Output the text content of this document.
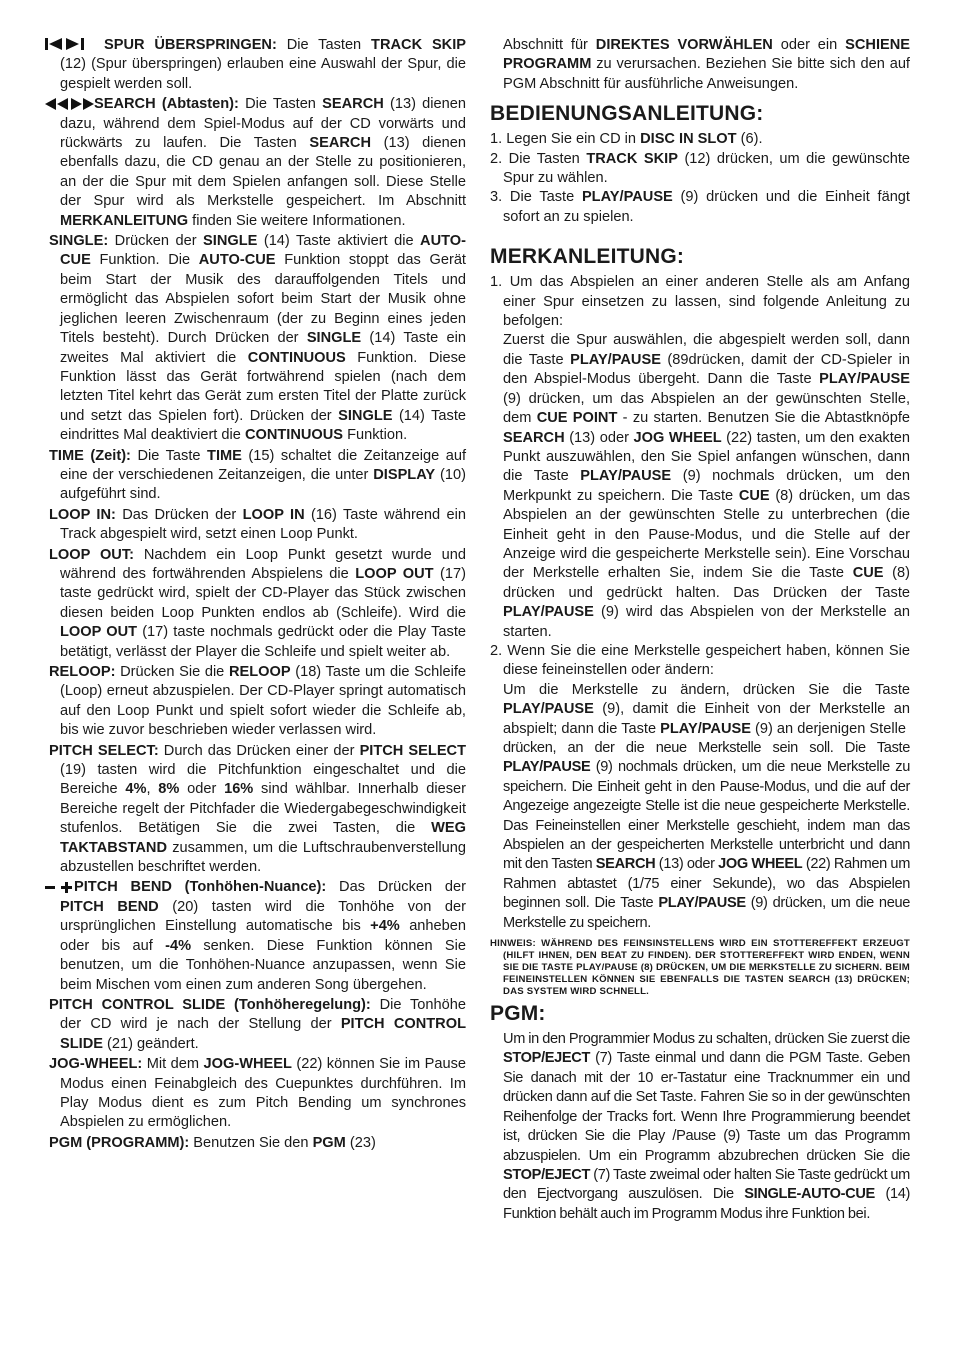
SPUR ÜBERSPRINGEN: Die Tasten TRACK SKIP (12) (Spur überspringen) erlauben eine Auswahl der Spur, die gespielt werden soll.

SEARCH (Abtasten): Die Tasten SEARCH (13) dienen dazu, während dem Spiel-Modus auf der CD vorwärts und rückwärts zu laufen. Die Tasten SEARCH (13) dienen ebenfalls dazu, die CD genau an der Stelle zu positionieren, an der die Spur mit dem Spielen anfangen soll. Diese Stelle der Spur wird als Merkstelle gespeichert. Im Abschnitt MERKANLEITUNG finden Sie weitere Informationen.

SINGLE: Drücken der SINGLE (14) Taste aktiviert die AUTO-CUE Funktion. Die AUTO-CUE Funktion stoppt das Gerät beim Start der Musik des darauffolgenden Titels und ermöglicht das Abspielen sofort beim Start der Musik ohne jeglichen leeren Zwischenraum (der zu Beginn eines jeden Titels besteht). Durch Drücken der SINGLE (14) Taste ein zweites Mal aktiviert die CONTINUOUS Funktion. Diese Funktion lässt das Gerät fortwährend spielen (nach dem letzten Titel kehrt das Gerät zum ersten Titel der Platte zurück und setzt das Spielen fort). Drücken der SINGLE (14) Taste eindrittes Mal deaktiviert die CONTINUOUS Funktion.

TIME (Zeit): Die Taste TIME (15) schaltet die Zeitanzeige auf eine der verschiedenen Zeitanzeigen, die unter DISPLAY (10) aufgeführt sind.

LOOP IN: Das Drücken der LOOP IN (16) Taste während ein Track abgespielt wird, setzt einen Loop Punkt.

LOOP OUT: Nachdem ein Loop Punkt gesetzt wurde und während des fortwährenden Abspielens die LOOP OUT (17) taste gedrückt wird, spielt der CD-Player das Stück zwischen diesen beiden Loop Punkten endlos ab (Schleife). Wird die LOOP OUT (17) taste nochmals gedrückt oder die Play Taste betätigt, verlässt der Player die Schleife und spielt weiter ab.

RELOOP: Drücken Sie die RELOOP (18) Taste um die Schleife (Loop) erneut abzuspielen. Der CD-Player springt automatisch auf den Loop Punkt und spielt sofort wieder die Schleife ab, bis wie zuvor beschrieben wieder verlassen wird.

PITCH SELECT: Durch das Drücken einer der PITCH SELECT (19) tasten wird die Pitchfunktion eingeschaltet und die Bereiche 4%, 8% oder 16% sind wählbar. Innerhalb dieser Bereiche regelt der Pitchfader die Wiedergabegeschwindigkeit stufenlos. Betätigen Sie die zwei Tasten, die WEG TAKTABSTAND zusammen, um die Luftschraubenverstellung abzustellen beschriftet werden.

PITCH BEND (Tonhöhen-Nuance): Das Drücken der PITCH BEND (20) tasten wird die Tonhöhe von der ursprünglichen Einstellung automatische bis +4% anheben oder bis auf -4% senken. Diese Funktion können Sie benutzen, um die Tonhöhen-Nuance anzupassen, wenn Sie beim Mischen vom einen zum anderen Song übergehen.

PITCH CONTROL SLIDE (Tonhöheregelung): Die Tonhöhe der CD wird je nach der Stellung der PITCH CONTROL SLIDE (21) geändert.

JOG-WHEEL: Mit dem JOG-WHEEL (22) können Sie im Pause Modus einen Feinabgleich des Cuepunktes durchführen. Im Play Modus dient es zum Pitch Bending um synchrones Abspielen zu ermöglichen.

PGM (PROGRAMM): Benutzen Sie den PGM (23)

Abschnitt für DIREKTES VORWÄHLEN oder ein SCHIENE PROGRAMM zu verursachen. Beziehen Sie bitte sich den auf PGM Abschnitt für ausführliche Anweisungen.

BEDIENUNGSANLEITUNG:

1. Legen Sie ein CD in DISC IN SLOT (6).

2. Die Tasten TRACK SKIP (12) drücken, um die gewünschte Spur zu wählen.

3. Die Taste PLAY/PAUSE (9) drücken und die Einheit fängt sofort an zu spielen.

MERKANLEITUNG:

1. Um das Abspielen an einer anderen Stelle als am Anfang einer Spur einsetzen zu lassen, sind folgende Anleitung zu befolgen:

Zuerst die Spur auswählen, die abgespielt werden soll, dann die Taste PLAY/PAUSE (89drücken, damit der CD-Spieler in den Abspiel-Modus übergeht. Dann die Taste PLAY/PAUSE (9) drücken, um das Abspielen an der gewünschten Stelle, dem CUE POINT - zu starten. Benutzen Sie die Abtastknöpfe SEARCH (13) oder JOG WHEEL (22) tasten, um den exakten Punkt auszuwählen, den Sie Spiel anfangen wünschen, dann die Taste PLAY/PAUSE (9) nochmals drücken, um den Merkpunkt zu speichern. Die Taste CUE (8) drücken, um das Abspielen an der gewünschten Stelle zu unterbrechen (die Einheit geht in den Pause-Modus, und die Stelle auf der Anzeige wird die gespeicherte Merkstelle sein). Eine Vorschau der Merkstelle erhalten Sie, indem Sie die Taste CUE (8) drücken und gedrückt halten. Das Drücken der Taste PLAY/PAUSE (9) wird das Abspielen von der Merkstelle an starten.

2. Wenn Sie die eine Merkstelle gespeichert haben, können Sie diese feineinstellen oder ändern:

Um die Merkstelle zu ändern, drücken Sie die Taste PLAY/PAUSE (9), damit die Einheit von der Merkstelle an abspielt; dann die Taste PLAY/PAUSE (9) an derjenigen Stelle

drücken, an der die neue Merkstelle sein soll. Die Taste PLAY/PAUSE (9) nochmals drücken, um die neue Merkstelle zu speichern. Die Einheit geht in den Pause-Modus, und die auf der Angezeige angezeigte Stelle ist die neue gespeicherte Merkstelle. Das Feineinstellen einer Merkstelle geschieht, indem man das Abspielen an der gespeicherten Merkstelle unterbricht und dann mit den Tasten SEARCH (13) oder JOG WHEEL (22) Rahmen um Rahmen abtastet (1/75 einer Sekunde), wo das Abspielen beginnen soll. Die Taste PLAY/PAUSE (9) drücken, um die neue Merkstelle zu speichern.

HINWEIS: WÄHREND DES FEINSINSTELLENS WIRD EIN STOTTEREFFEKT ERZEUGT (HILFT IHNEN, DEN BEAT ZU FINDEN). DER STOTTEREFFEKT WIRD ENDEN, WENN SIE DIE TASTE PLAY/PAUSE (8) DRÜCKEN, UM DIE MERKSTELLE ZU SICHERN. BEIM FEINEINSTELLEN KÖNNEN SIE EBENFALLS DIE TASTEN SEARCH (13) DRÜCKEN; DAS SYSTEM WIRD SCHNELL.

PGM:

Um in den Programmier Modus zu schalten, drücken Sie zuerst die STOP/EJECT (7) Taste einmal und dann die PGM Taste. Geben Sie danach mit der 10 er-Tastatur eine Tracknummer ein und drücken dann auf die Set Taste. Fahren Sie so in der gewünschten Reihenfolge der Tracks fort. Wenn Ihre Programmierung beendet ist, drücken Sie die Play /Pause (9) Taste um das Programm abzuspielen. Um ein Programm abzubrechen drücken Sie die STOP/EJECT (7) Taste zweimal oder halten Sie Taste gedrückt um den Ejectvorgang auszulösen. Die SINGLE-AUTO-CUE (14) Funktion behält auch im Programm Modus ihre Funktion bei.
